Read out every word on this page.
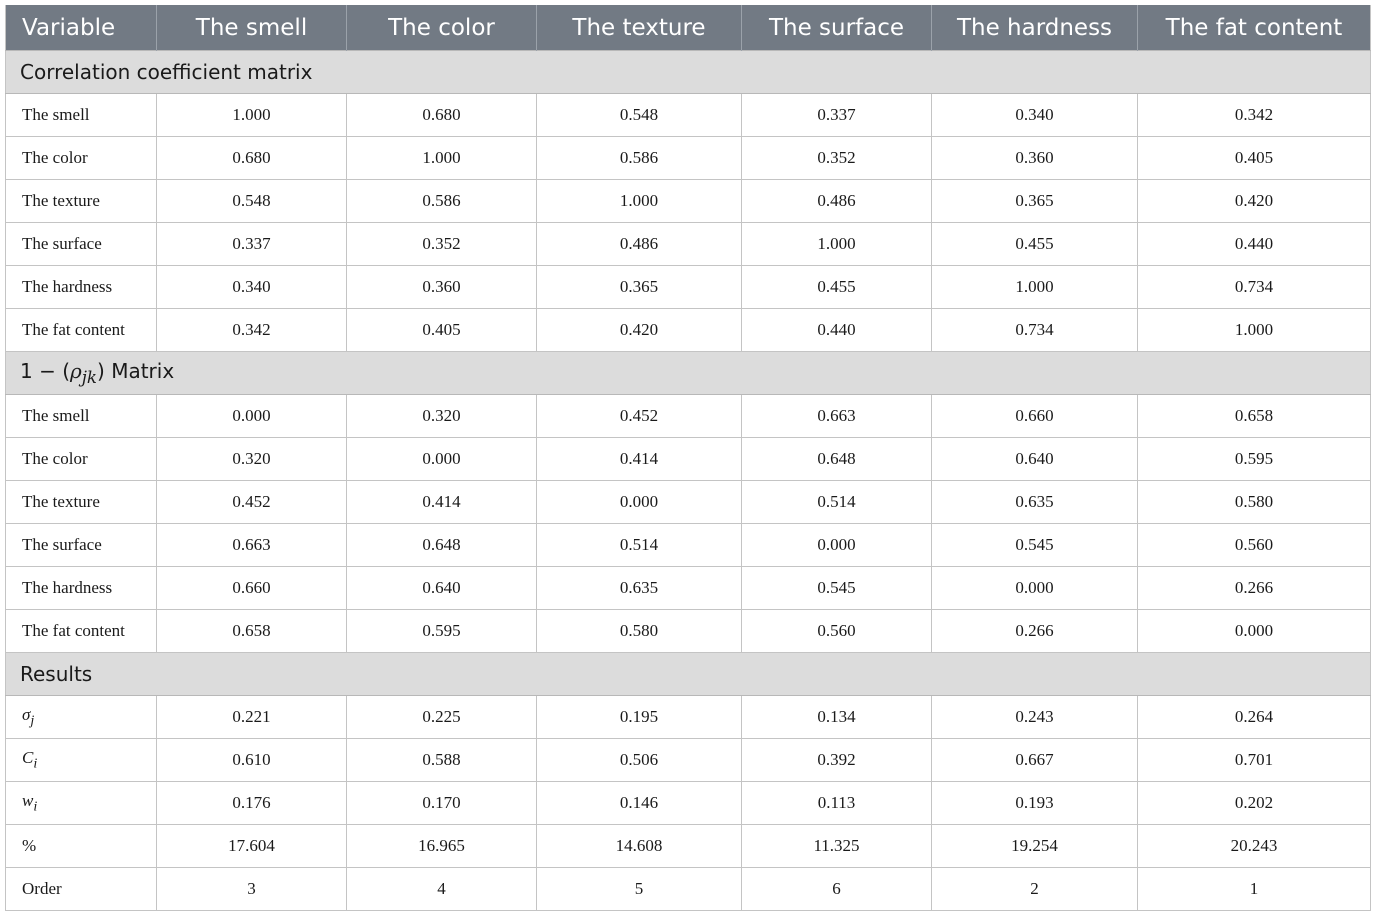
Variable	The smell	The color	The texture	The surface	The hardness	The fat content
Correlation coefficient matrix						
The smell	1.000	0.680	0.548	0.337	0.340	0.342
The color	0.680	1.000	0.586	0.352	0.360	0.405
The texture	0.548	0.586	1.000	0.486	0.365	0.420
The surface	0.337	0.352	0.486	1.000	0.455	0.440
The hardness	0.340	0.360	0.365	0.455	1.000	0.734
The fat content	0.342	0.405	0.420	0.440	0.734	1.000
$1 - (\rho_{jk})$ Matrix						
The smell	0.000	0.320	0.452	0.663	0.660	0.658
The color	0.320	0.000	0.414	0.648	0.640	0.595
The texture	0.452	0.414	0.000	0.514	0.635	0.580
The surface	0.663	0.648	0.514	0.000	0.545	0.560
The hardness	0.660	0.640	0.635	0.545	0.000	0.266
The fat content	0.658	0.595	0.580	0.560	0.266	0.000
Results						
$\sigma_j$	0.221	0.225	0.195	0.134	0.243	0.264
$C_i$	0.610	0.588	0.506	0.392	0.667	0.701
$w_i$	0.176	0.170	0.146	0.113	0.193	0.202
%	17.604	16.965	14.608	11.325	19.254	20.243
Order	3	4	5	6	2	1
